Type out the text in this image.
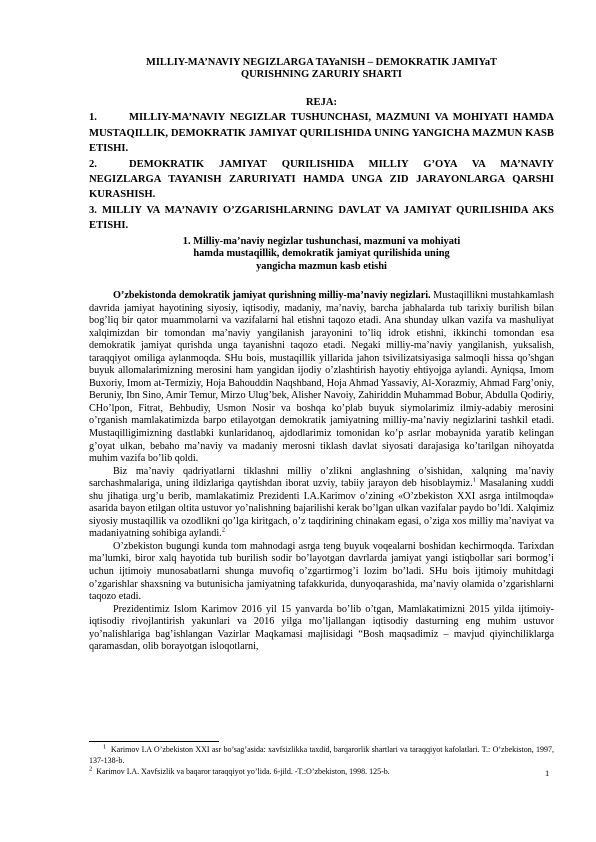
MILLIY-MA’NAVIY NEGIZLARGA TAYaNISH – DEMOKRATIK JAMIYaT
QURISHNING ZARURIY SHARTI

REJA:

1.	MILLIY-MA’NAVIY NEGIZLAR TUSHUNCHASI, MAZMUNI VA MOHIYATI HAMDA MUSTAQILLIK, DEMOKRATIK JAMIYAT QURILISHIDA UNING YANGICHA MAZMUN KASB ETISHI.

2.	DEMOKRATIK JAMIYAT QURILISHIDA MILLIY G’OYA VA MA’NAVIY NEGIZLARGA TAYANISH ZARURIYATI HAMDA UNGA ZID JARAYONLARGA QARSHI KURASHISH.

3. MILLIY VA MA’NAVIY O’ZGARISHLARNING DAVLAT VA JAMIYAT QURILISHIDA AKS ETISHI.

1. Milliy-ma’naviy negizlar tushunchasi, mazmuni va mohiyati
hamda mustaqillik, demokratik jamiyat qurilishida uning
yangicha mazmun kasb etishi

O’zbekistonda demokratik jamiyat qurishning milliy-ma’naviy negizlari. Mustaqillikni mustahkamlash davrida jamiyat hayotining siyosiy, iqtisodiy, madaniy, ma’naviy, barcha jabhalarda tub tarixiy burilish bilan bog’liq bir qator muammolarni va vazifalarni hal etishni taqozo etadi. Ana shunday ulkan vazifa va mashuliyat xalqimizdan bir tomondan ma’naviy yangilanish jarayonini to’liq idrok etishni, ikkinchi tomondan esa demokratik jamiyat qurishda unga tayanishni taqozo etadi. Negaki milliy-ma’naviy yangilanish, yuksalish, taraqqiyot omiliga aylanmoqda. SHu bois, mustaqillik yillarida jahon tsivilizatsiyasiga salmoqli hissa qo’shgan buyuk allomalarimizning merosini ham yangidan ijodiy o’zlashtirish hayotiy ehtiyojga aylandi. Ayniqsa, Imom Buxoriy, Imom at-Termiziy, Hoja Bahouddin Naqshband, Hoja Ahmad Yassaviy, Al-Xorazmiy, Ahmad Farg’oniy, Beruniy, Ibn Sino, Amir Temur, Mirzo Ulug’bek, Alisher Navoiy, Zahiriddin Muhammad Bobur, Abdulla Qodiriy, CHo’lpon, Fitrat, Behbudiy, Usmon Nosir va boshqa ko’plab buyuk siymolarimiz ilmiy-adabiy merosini o’rganish mamlakatimizda barpo etilayotgan demokratik jamiyatning milliy-ma’naviy negizlarini tashkil etadi. Mustaqilligimizning dastlabki kunlaridanoq, ajdodlarimiz tomonidan ko’p asrlar mobaynida yaratib kelingan g’oyat ulkan, bebaho ma’naviy va madaniy merosni tiklash davlat siyosati darajasiga ko’tarilgan nihoyatda muhim vazifa bo’lib qoldi.

Biz ma’naviy qadriyatlarni tiklashni milliy o’zlikni anglashning o’sishidan, xalqning ma’naviy sarchashmalariga, uning ildizlariga qaytishdan iborat uzviy, tabiiy jarayon deb hisoblaymiz.$^1$ Masalaning xuddi shu jihatiga urg’u berib, mamlakatimiz Prezidenti I.A.Karimov o’zining «O’zbekiston XXI asrga intilmoqda» asarida bayon etilgan oltita ustuvor yo’nalishning bajarilishi kerak bo’lgan ulkan vazifalar paydo bo’ldi. Xalqimiz siyosiy mustaqillik va ozodlikni qo’lga kiritgach, o’z taqdirining chinakam egasi, o’ziga xos milliy ma’naviyat va madaniyatning sohibiga aylandi.$^2$

O’zbekiston bugungi kunda tom mahnodagi asrga teng buyuk voqealarni boshidan kechirmoqda. Tarixdan ma’lumki, biror xalq hayotida tub burilish sodir bo’layotgan davrlarda jamiyat yangi istiqbollar sari bormog’i uchun ijtimoiy munosabatlarni shunga muvofiq o’zgartirmog’i lozim bo’ladi. SHu bois ijtimoiy muhitdagi o’zgarishlar shaxsning va butunisicha jamiyatning tafakkurida, dunyoqarashida, ma’naviy olamida o’zgarishlarni taqozo etadi.

Prezidentimiz Islom Karimov 2016 yil 15 yanvarda bo’lib o’tgan, Mamlakatimizni 2015 yilda ijtimoiy-iqtisodiy rivojlantirish yakunlari va 2016 yilga mo’ljallangan iqtisodiy dasturning eng muhim ustuvor yo’nalishlariga bag’ishlangan Vazirlar Maqkamasi majlisidagi “Bosh maqsadimiz – mavjud qiyinchiliklarga qaramasdan, olib borayotgan isloqotlarni,

$^1$ Karimov I.A O’zbekiston XXI asr bo’sag’asida: xavfsizlikka taxdid, barqarorlik shartlari va taraqqiyot kafolatlari. T.: O’zbekiston, 1997, 137-138-b.

$^2$ Karimov I.A. Xavfsizlik va baqaror taraqqiyot yo’lida. 6-jild. -T.:O’zbekiston, 1998. 125-b.	1
